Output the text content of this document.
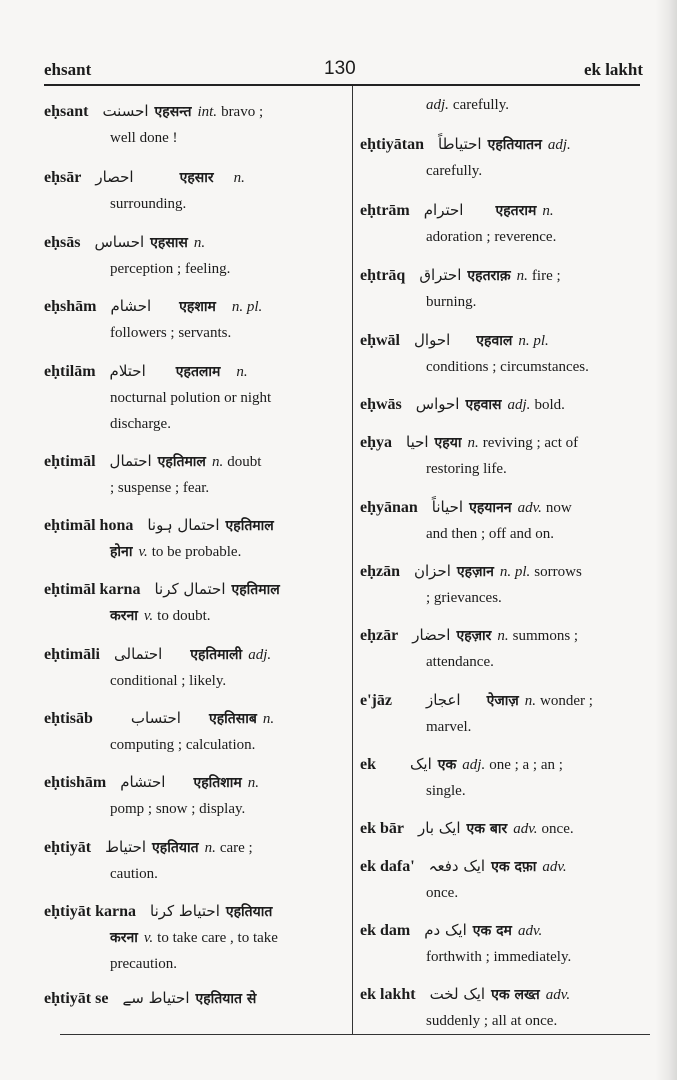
ehsant	130	ek lakht
eḥsant احسنت एहसन्त int. bravo ;
well done !
eḥsār احصار	एहसार n.
surrounding.
eḥsās احساس एहसास n.
perception ; feeling.
eḥshām احشام एहशाम n. pl.
followers ; servants.
eḥtilām احتلام एहतलाम n.
nocturnal polution or night discharge.
eḥtimāl احتمال एहतिमाल n. doubt
; suspense ; fear.
eḥtimāl hona احتمال ہونا एहतिमाल
होना v. to be probable.
eḥtimāl karna احتمال کرنا एहतिमाल
करना v. to doubt.
eḥtimāli احتمالی एहतिमाली adj.
conditional ; likely.
eḥtisāb	احتساب एहतिसाब n.
computing ; calculation.
eḥtishām احتشام एहतिशाम n.
pomp ; snow ; display.
eḥtiyāt احتیاط एहतियात n. care ;
caution.
eḥtiyāt karna احتیاط کرنا एहतियात
करना v. to take care , to take precaution.
eḥtiyāt se احتیاط سے एहतियात से
adj. carefully.
eḥtiyātan احتیاطاً एहतियातन adj.
carefully.
eḥtrām احترام एहतराम n.
adoration ; reverence.
eḥtrāq احتراق एहतराक़ n. fire ;
burning.
eḥwāl احوال एहवाल n. pl.
conditions ; circumstances.
eḥwās احواس एहवास adj. bold.
eḥya احیا एहया n. reviving ; act of
restoring life.
eḥyānan احیاناً एहयानन adv. now
and then ; off and on.
eḥzān احزان एहज़ान n. pl. sorrows
; grievances.
eḥzār احضار एहज़ार n. summons ;
attendance.
e'jāz اعجاز ऐजाज़ n. wonder ;
marvel.
ek ایک एक adj. one ; a ; an ;
single.
ek bār ایک بار एक बार adv. once.
ek dafa' ایک دفعہ एक दफ़ा adv.
once.
ek dam ایک دم एक दम adv.
forthwith ; immediately.
ek lakht ایک لخت एक लख्त adv.
suddenly ; all at once.
